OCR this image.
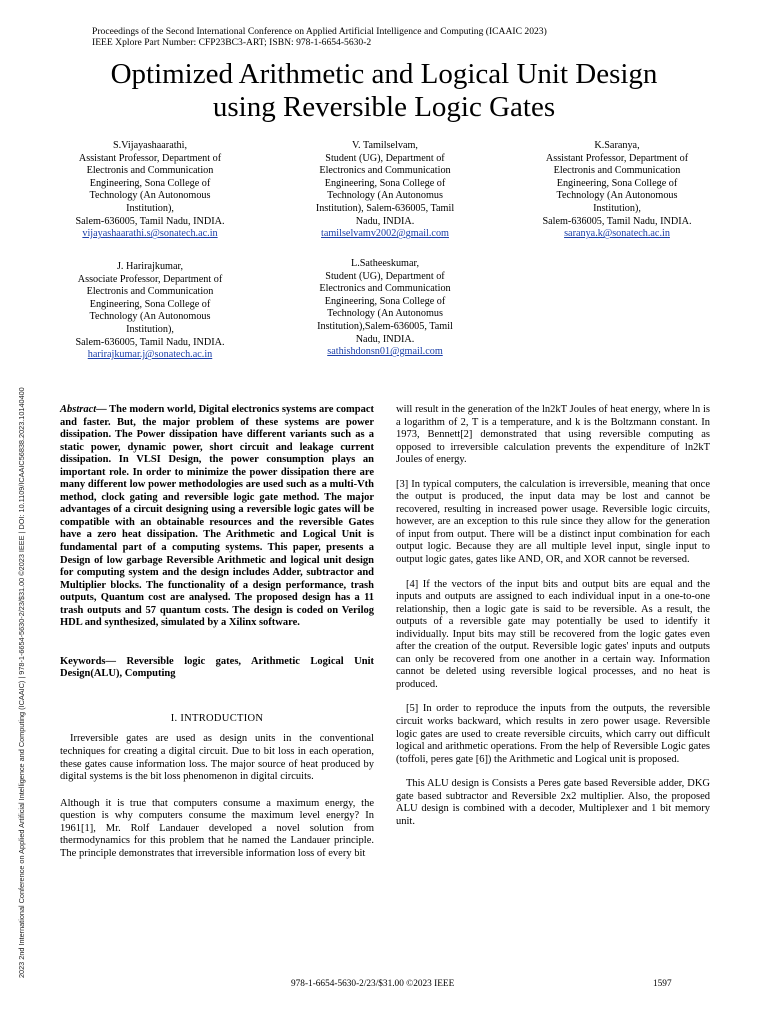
Proceedings of the Second International Conference on Applied Artificial Intelligence and Computing (ICAAIC 2023)
IEEE Xplore Part Number: CFP23BC3-ART; ISBN: 978-1-6654-5630-2
Optimized Arithmetic and Logical Unit Design
using Reversible Logic Gates
S.Vijayashaarathi,
Assistant Professor, Department of
Electronis and Communication
Engineering, Sona College of
Technology (An Autonomous
Institution),
Salem-636005, Tamil Nadu, INDIA.
vijayashaarathi.s@sonatech.ac.in
V. Tamilselvam,
Student (UG), Department of
Electronics and Communication
Engineering, Sona College of
Technology (An Autonomus
Institution), Salem-636005, Tamil
Nadu, INDIA.
tamilselvamv2002@gmail.com
K.Saranya,
Assistant Professor, Department of
Electronis and Communication
Engineering, Sona College of
Technology (An Autonomous
Institution),
Salem-636005, Tamil Nadu, INDIA.
saranya.k@sonatech.ac.in
J. Harirajkumar,
Associate Professor, Department of
Electronis and Communication
Engineering, Sona College of
Technology (An Autonomous
Institution),
Salem-636005, Tamil Nadu, INDIA.
harirajkumar.j@sonatech.ac.in
L.Satheeskumar,
Student (UG), Department of
Electronics and Communication
Engineering, Sona College of
Technology (An Autonomus
Institution),Salem-636005, Tamil
Nadu, INDIA.
sathishdonsn01@gmail.com
2023 2nd International Conference on Applied Artificial Intelligence and Computing (ICAAIC) | 978-1-6654-5630-2/23/$31.00 ©2023 IEEE | DOI: 10.1109/ICAAIC56838.2023.10140400	Abstract— The modern world, Digital electronics systems are compact and faster. But, the major problem of these systems are power dissipation. The Power dissipation have different variants such as a static power, dynamic power, short circuit and leakage current dissipation. In VLSI Design, the power consumption plays an important role. In order to minimize the power dissipation there are many different low power methodologies are used such as a multi-Vth method, clock gating and reversible logic gate method. The major advantages of a circuit designing using a reversible logic gates will be compatible with an obtainable resources and the reversible Gates have a zero heat dissipation. The Arithmetic and Logical Unit is fundamental part of a computing systems. This paper, presents a Design of low garbage Reversible Arithmetic and logical unit design for computing system and the design includes Adder, subtractor and Multiplier blocks. The functionality of a design performance, trash outputs, Quantum cost are analysed. The proposed design has a 11 trash outputs and 57 quantum costs. The design is coded on Verilog HDL and synthesized, simulated by a Xilinx software.

Keywords— Reversible logic gates, Arithmetic Logical Unit Design(ALU), Computing

I. INTRODUCTION

Irreversible gates are used as design units in the conventional techniques for creating a digital circuit. Due to bit loss in each operation, these gates cause information loss. The major source of heat produced by digital systems is the bit loss phenomenon in digital circuits.

Although it is true that computers consume a maximum energy, the question is why computers consume the maximum level energy? In 1961[1], Mr. Rolf Landauer developed a novel solution from thermodynamics for this problem that he named the Landauer principle. The principle demonstrates that irreversible information loss of every bit

will result in the generation of the ln2kT Joules of heat energy, where ln is a logarithm of 2, T is a temperature, and k is the Boltzmann constant. In 1973, Bennett[2] demonstrated that using reversible computing as opposed to irreversible calculation prevents the expenditure of ln2kT Joules of energy.

[3] In typical computers, the calculation is irreversible, meaning that once the output is produced, the input data may be lost and cannot be recovered, resulting in increased power usage. Reversible logic circuits, however, are an exception to this rule since they allow for the generation of input from output. There will be a distinct input combination for each output logic. Because they are all multiple level input, single input to output logic gates, gates like AND, OR, and XOR cannot be reversed.

[4] If the vectors of the input bits and output bits are equal and the inputs and outputs are assigned to each individual input in a one-to-one relationship, then a logic gate is said to be reversible. As a result, the outputs of a reversible gate may potentially be used to identify it individually. Input bits may still be recovered from the logic gates even after the creation of the output. Reversible logic gates' inputs and outputs can only be recovered from one another in a certain way. Information cannot be deleted using reversible logical processes, and no heat is produced.

[5] In order to reproduce the inputs from the outputs, the reversible circuit works backward, which results in zero power usage. Reversible logic gates are used to create reversible circuits, which carry out difficult logical and arithmetic operations. From the help of Reversible Logic gates (toffoli, peres gate [6]) the Arithmetic and Logical unit is proposed.

This ALU design is Consists a Peres gate based Reversible adder, DKG gate based subtractor and Reversible 2x2 multiplier. Also, the proposed ALU design is combined with a decoder, Multiplexer and 1 bit memory unit.

978-1-6654-5630-2/23/$31.00 ©2023 IEEE	1597
